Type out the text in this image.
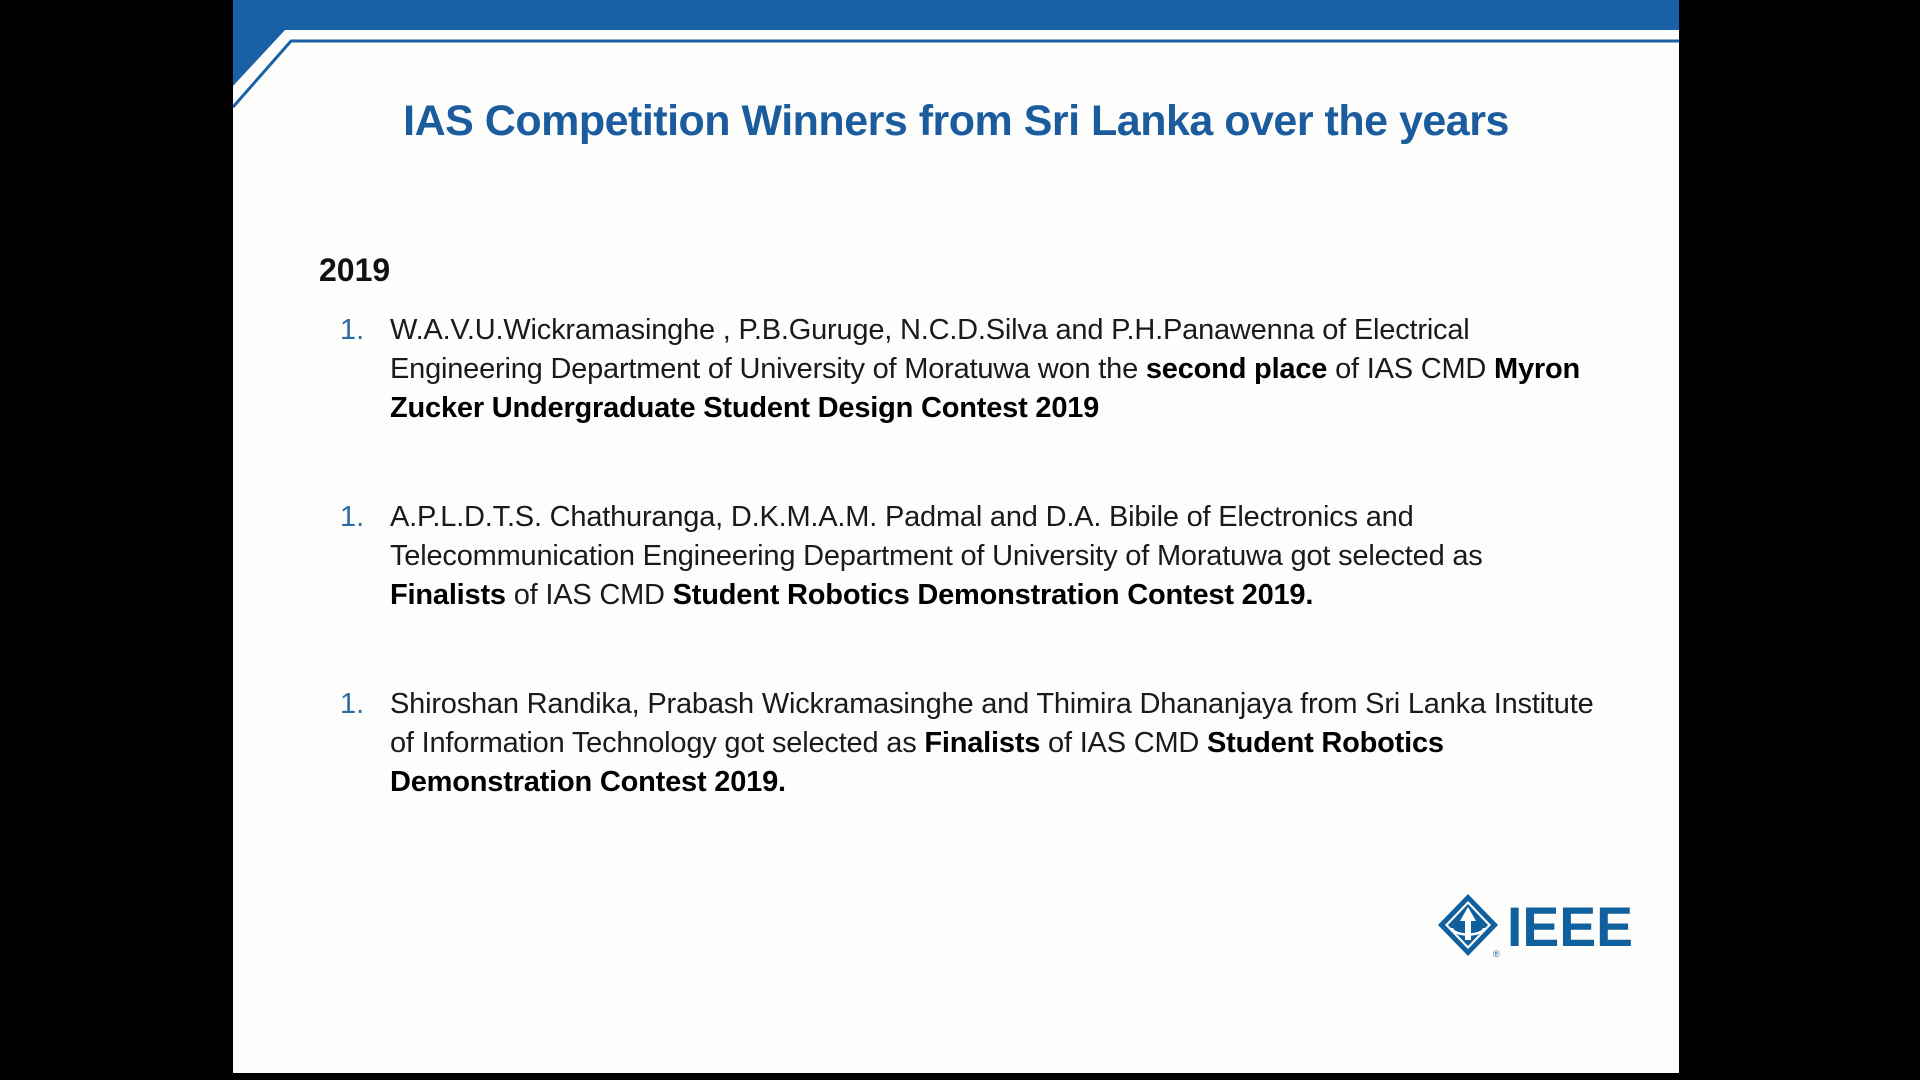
IAS Competition Winners from Sri Lanka over the years
2019
1. W.A.V.U.Wickramasinghe , P.B.Guruge, N.C.D.Silva and P.H.Panawenna of Electrical Engineering Department of University of Moratuwa won the second place of IAS CMD Myron Zucker Undergraduate Student Design Contest 2019

1. A.P.L.D.T.S. Chathuranga, D.K.M.A.M. Padmal and D.A. Bibile of Electronics and Telecommunication Engineering Department of University of Moratuwa got selected as Finalists of IAS CMD Student Robotics Demonstration Contest 2019.

1. Shiroshan Randika, Prabash Wickramasinghe and Thimira Dhananjaya from Sri Lanka Institute of Information Technology got selected as Finalists of IAS CMD Student Robotics Demonstration Contest 2019.

® IEEE
